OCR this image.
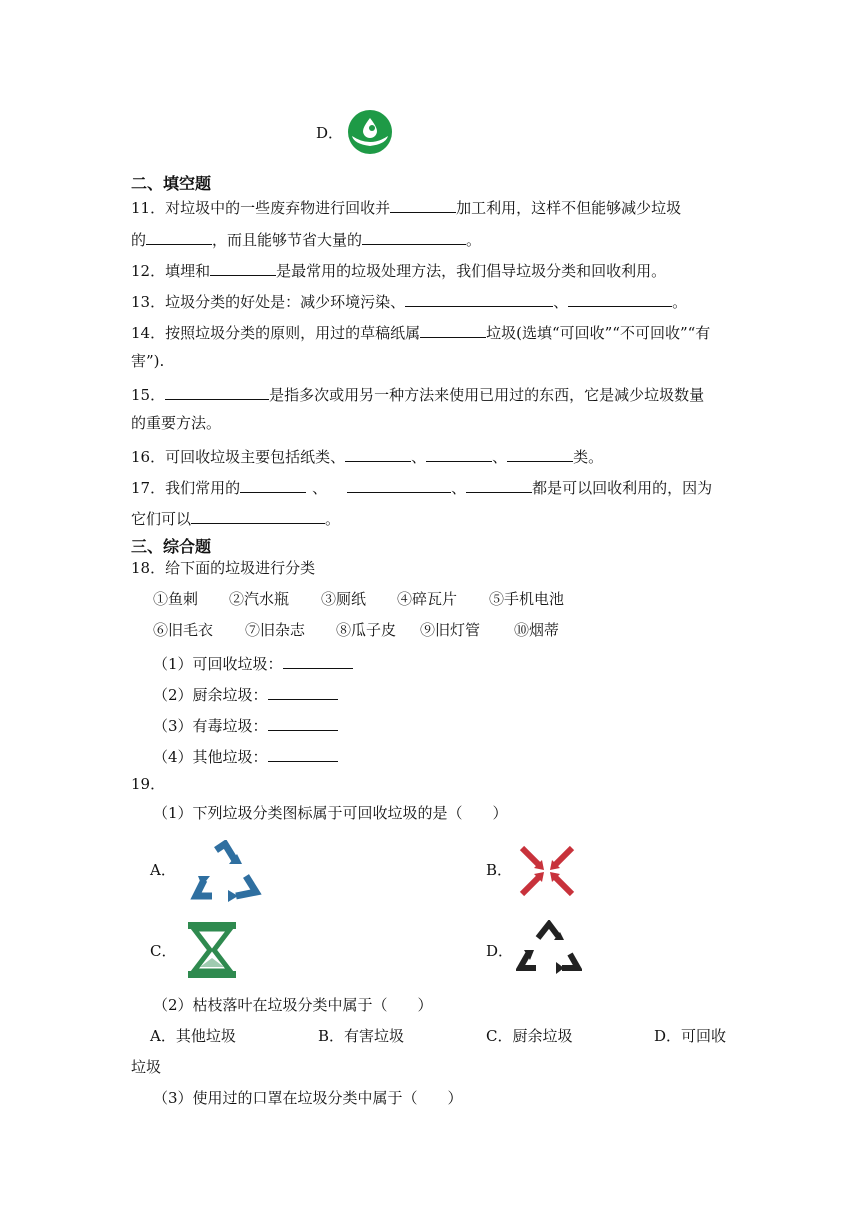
D．
二、填空题
11．对垃圾中的一些废弃物进行回收并	加工利用，这样不但能够减少垃圾
的	，而且能够节省大量的	。
12．填埋和	是最常用的垃圾处理方法，我们倡导垃圾分类和回收利用。
13．垃圾分类的好处是：减少环境污染、	、	。
14．按照垃圾分类的原则，用过的草稿纸属	垃圾(选填“可回收”“不可回收”“有
害”).
15．	是指多次或用另一种方法来使用已用过的东西，它是减少垃圾数量
的重要方法。
16．可回收垃圾主要包括纸类、	、	、	类。
17．我们常用的	、	、	都是可以回收利用的，因为
它们可以	。
三、综合题
18．给下面的垃圾进行分类
①鱼刺 ②汽水瓶 ③厕纸 ④碎瓦片 ⑤手机电池
⑥旧毛衣 ⑦旧杂志 ⑧瓜子皮 ⑨旧灯管 ⑩烟蒂
（1）可回收垃圾：
（2）厨余垃圾：
（3）有毒垃圾：
（4）其他垃圾：
19．
（1）下列垃圾分类图标属于可回收垃圾的是（　　）
A．	B．
C．	D．
（2）枯枝落叶在垃圾分类中属于（　　）
A．其他垃圾	B．有害垃圾	C．厨余垃圾	D．可回收
垃圾
（3）使用过的口罩在垃圾分类中属于（　　）
